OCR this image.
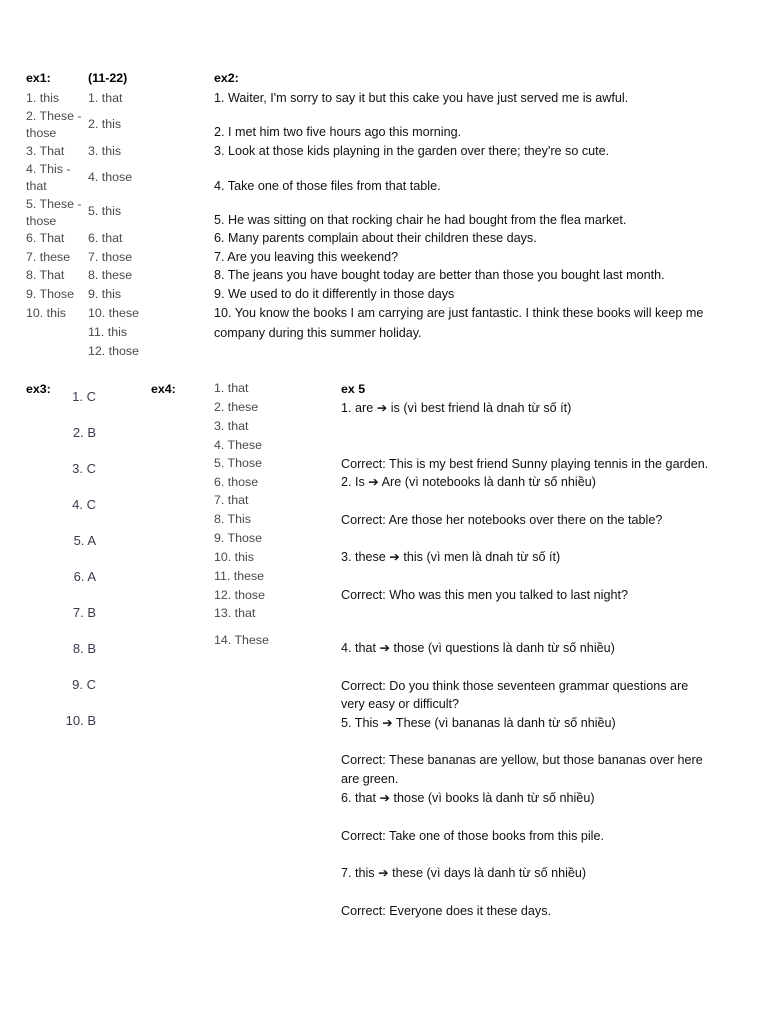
ex1:	(11-22)	ex2:
1. this
2. These - those
3. That
4. This - that
5. These - those
6. That
7. these
8. That
9. Those
10. this
1. that
2. this
3. this
4. those
5. this
6. that
7. those
8. these
9. this
10. these
11. this
12. those
1. Waiter, I'm sorry to say it but this cake you have just served me is awful.
2. I met him two five hours ago this morning.
3. Look at those kids playning in the garden over there; they're so cute.
4. Take one of those files from that table.
5. He was sitting on that rocking chair he had bought from the flea market.
6. Many parents complain about their children these days.
7. Are you leaving this weekend?
8. The jeans you have bought today are better than those you bought last month.
9. We used to do it differently in those days
10. You know the books I am carrying are just fantastic. I think these books will keep me company during this summer holiday.
ex3:	ex4:	ex 5
1. C
2. B
3. C
4. C
5. A
6. A
7. B
8. B
9. C
10. B
1. that
2. these
3. that
4. These
5. Those
6. those
7. that
8. This
9. Those
10. this
11. these
12. those
13. that
14. These
1. are ➔ is (vì best friend là dnah từ số ít)
Correct: This is my best friend Sunny playing tennis in the garden.
2. Is ➔ Are (vì notebooks là danh từ số nhiều)
Correct: Are those her notebooks over there on the table?
3. these ➔ this (vì men là dnah từ số ít)
Correct: Who was this men you talked to last night?
4. that ➔ those (vì questions là danh từ số nhiều)
Correct: Do you think those seventeen grammar questions are very easy or difficult?
5. This ➔ These (vì bananas là danh từ số nhiều)
Correct: These bananas are yellow, but those bananas over here are green.
6. that ➔ those (vì books là danh từ số nhiều)
Correct: Take one of those books from this pile.
7. this ➔ these (vì days là danh từ số nhiều)
Correct: Everyone does it these days.
